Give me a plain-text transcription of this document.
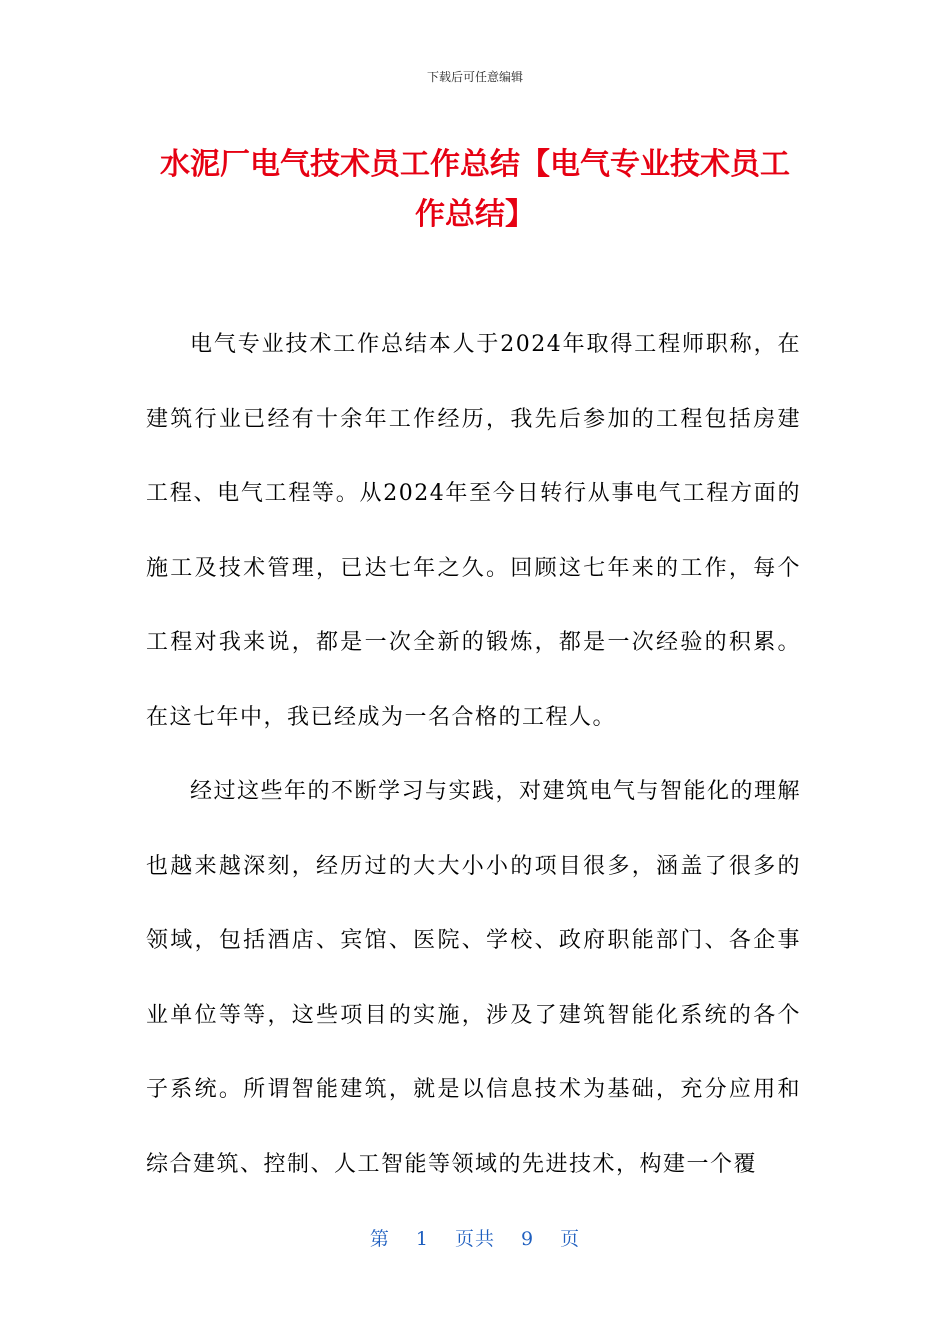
下载后可任意编辑
水泥厂电气技术员工作总结【电气专业技术员工作总结】

电气专业技术工作总结本人于2024年取得工程师职称，在建筑行业已经有十余年工作经历，我先后参加的工程包括房建工程、电气工程等。从2024年至今日转行从事电气工程方面的施工及技术管理，已达七年之久。回顾这七年来的工作，每个工程对我来说，都是一次全新的锻炼，都是一次经验的积累。在这七年中，我已经成为一名合格的工程人。

经过这些年的不断学习与实践，对建筑电气与智能化的理解也越来越深刻，经历过的大大小小的项目很多，涵盖了很多的领域，包括酒店、宾馆、医院、学校、政府职能部门、各企事业单位等等，这些项目的实施，涉及了建筑智能化系统的各个子系统。所谓智能建筑，就是以信息技术为基础，充分应用和综合建筑、控制、人工智能等领域的先进技术，构建一个覆

第 1 页共 9 页
